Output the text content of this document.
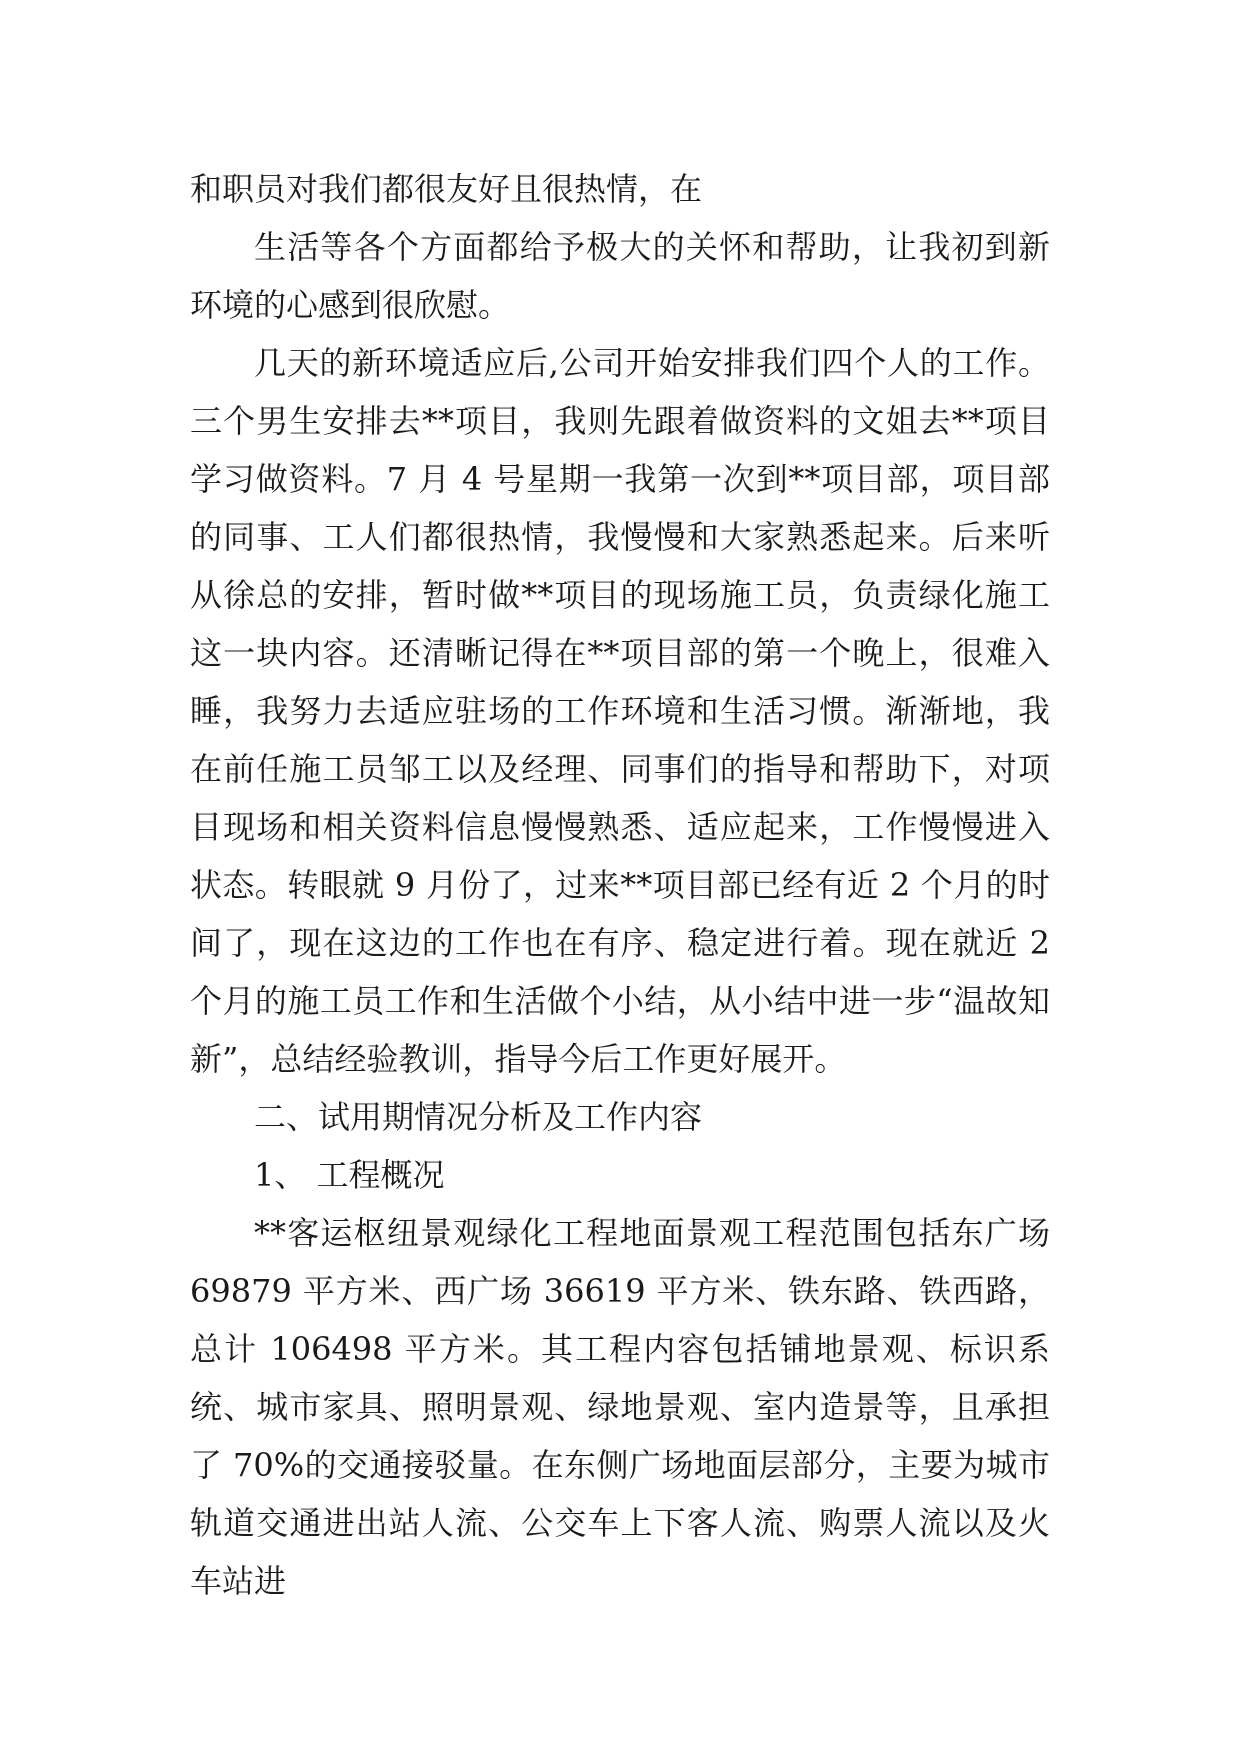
和职员对我们都很友好且很热情，在

生活等各个方面都给予极大的关怀和帮助，让我初到新环境的心感到很欣慰。

几天的新环境适应后,公司开始安排我们四个人的工作。三个男生安排去**项目，我则先跟着做资料的文姐去**项目学习做资料。7 月 4 号星期一我第一次到**项目部，项目部的同事、工人们都很热情，我慢慢和大家熟悉起来。后来听从徐总的安排，暂时做**项目的现场施工员，负责绿化施工这一块内容。还清晰记得在**项目部的第一个晚上，很难入睡，我努力去适应驻场的工作环境和生活习惯。渐渐地，我在前任施工员邹工以及经理、同事们的指导和帮助下，对项目现场和相关资料信息慢慢熟悉、适应起来，工作慢慢进入状态。转眼就 9 月份了，过来**项目部已经有近 2 个月的时间了，现在这边的工作也在有序、稳定进行着。现在就近 2 个月的施工员工作和生活做个小结，从小结中进一步“温故知新”，总结经验教训，指导今后工作更好展开。

二、试用期情况分析及工作内容

1、 工程概况

**客运枢纽景观绿化工程地面景观工程范围包括东广场 69879 平方米、西广场 36619 平方米、铁东路、铁西路，总计 106498 平方米。其工程内容包括铺地景观、标识系统、城市家具、照明景观、绿地景观、室内造景等，且承担了 70%的交通接驳量。在东侧广场地面层部分，主要为城市轨道交通进出站人流、公交车上下客人流、购票人流以及火车站进
